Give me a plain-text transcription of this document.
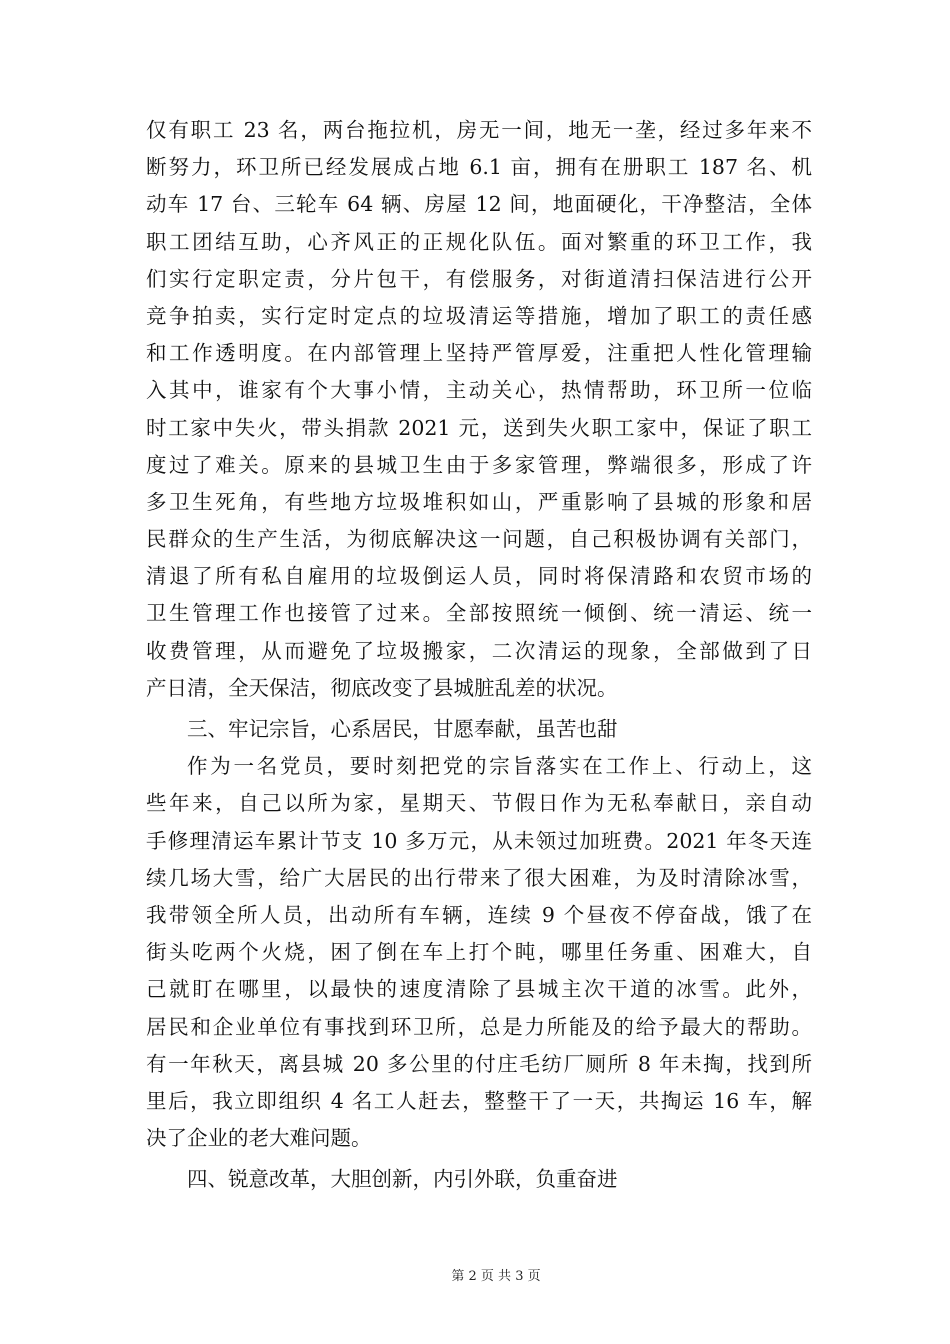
仅有职工 23 名，两台拖拉机，房无一间，地无一垄，经过多年来不
断努力，环卫所已经发展成占地 6.1 亩，拥有在册职工 187 名、机
动车 17 台、三轮车 64 辆、房屋 12 间，地面硬化，干净整洁，全体
职工团结互助，心齐风正的正规化队伍。面对繁重的环卫工作，我
们实行定职定责，分片包干，有偿服务，对街道清扫保洁进行公开
竞争拍卖，实行定时定点的垃圾清运等措施，增加了职工的责任感
和工作透明度。在内部管理上坚持严管厚爱，注重把人性化管理输
入其中，谁家有个大事小情，主动关心，热情帮助，环卫所一位临
时工家中失火，带头捐款 2021 元，送到失火职工家中，保证了职工
度过了难关。原来的县城卫生由于多家管理，弊端很多，形成了许
多卫生死角，有些地方垃圾堆积如山，严重影响了县城的形象和居
民群众的生产生活，为彻底解决这一问题，自己积极协调有关部门，
清退了所有私自雇用的垃圾倒运人员，同时将保清路和农贸市场的
卫生管理工作也接管了过来。全部按照统一倾倒、统一清运、统一
收费管理，从而避免了垃圾搬家，二次清运的现象，全部做到了日
产日清，全天保洁，彻底改变了县城脏乱差的状况。
三、牢记宗旨，心系居民，甘愿奉献，虽苦也甜
作为一名党员，要时刻把党的宗旨落实在工作上、行动上，这
些年来，自己以所为家，星期天、节假日作为无私奉献日，亲自动
手修理清运车累计节支 10 多万元，从未领过加班费。2021 年冬天连
续几场大雪，给广大居民的出行带来了很大困难，为及时清除冰雪，
我带领全所人员，出动所有车辆，连续 9 个昼夜不停奋战，饿了在
街头吃两个火烧，困了倒在车上打个盹，哪里任务重、困难大，自
己就盯在哪里，以最快的速度清除了县城主次干道的冰雪。此外，
居民和企业单位有事找到环卫所，总是力所能及的给予最大的帮助。
有一年秋天，离县城 20 多公里的付庄毛纺厂厕所 8 年未掏，找到所
里后，我立即组织 4 名工人赶去，整整干了一天，共掏运 16 车，解
决了企业的老大难问题。
四、锐意改革，大胆创新，内引外联，负重奋进
第 2 页 共 3 页
